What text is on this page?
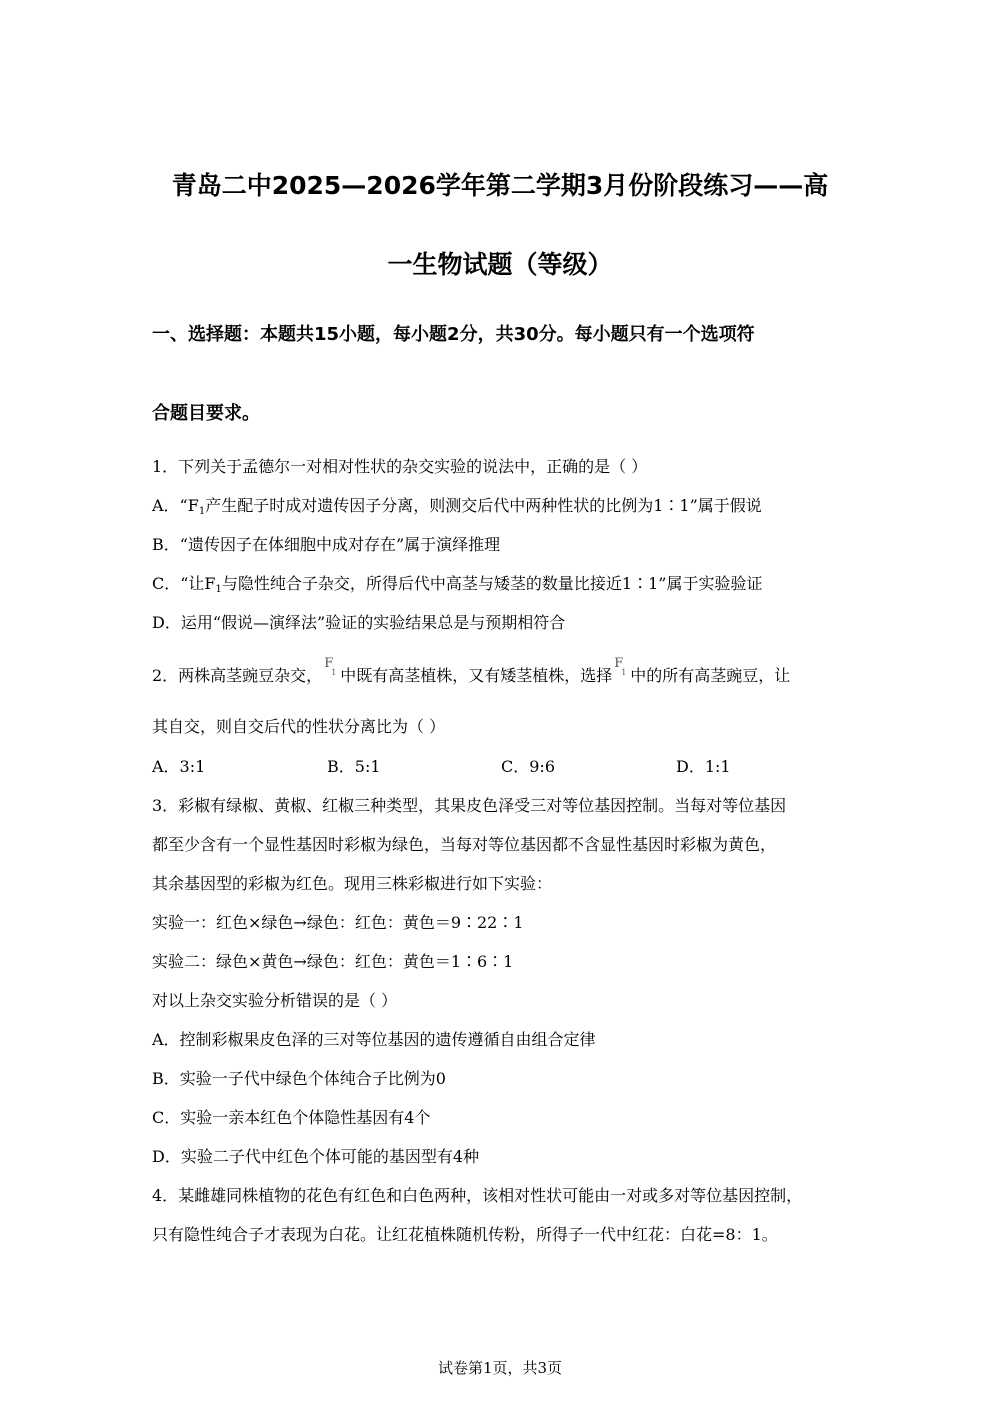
青岛二中2025—2026学年第二学期3月份阶段练习——高
一生物试题（等级）
一、选择题：本题共15小题，每小题2分，共30分。每小题只有一个选项符
合题目要求。
1．下列关于孟德尔一对相对性状的杂交实验的说法中，正确的是（ ）
A．“$F_1$产生配子时成对遗传因子分离，则测交后代中两种性状的比例为1∶1”属于假说
B．“遗传因子在体细胞中成对存在”属于演绎推理
C．“让$F_1$与隐性纯合子杂交，所得后代中高茎与矮茎的数量比接近1∶1”属于实验验证
D．运用“假说—演绎法”验证的实验结果总是与预期相符合
2．两株高茎豌豆杂交，
F
1 中既有高茎植株，又有矮茎植株，选择
F
1 中的所有高茎豌豆，让
其自交，则自交后代的性状分离比为（ ）
A．3:1	B．5:1	C．9:6	D．1:1
3．彩椒有绿椒、黄椒、红椒三种类型，其果皮色泽受三对等位基因控制。当每对等位基因
都至少含有一个显性基因时彩椒为绿色，当每对等位基因都不含显性基因时彩椒为黄色，
其余基因型的彩椒为红色。现用三株彩椒进行如下实验：
实验一：红色×绿色→绿色：红色：黄色＝9∶22∶1
实验二：绿色×黄色→绿色：红色：黄色＝1∶6∶1
对以上杂交实验分析错误的是（ ）
A．控制彩椒果皮色泽的三对等位基因的遗传遵循自由组合定律
B．实验一子代中绿色个体纯合子比例为0
C．实验一亲本红色个体隐性基因有4个
D．实验二子代中红色个体可能的基因型有4种
4．某雌雄同株植物的花色有红色和白色两种，该相对性状可能由一对或多对等位基因控制，
只有隐性纯合子才表现为白花。让红花植株随机传粉，所得子一代中红花：白花=8：1。
试卷第1页，共3页
